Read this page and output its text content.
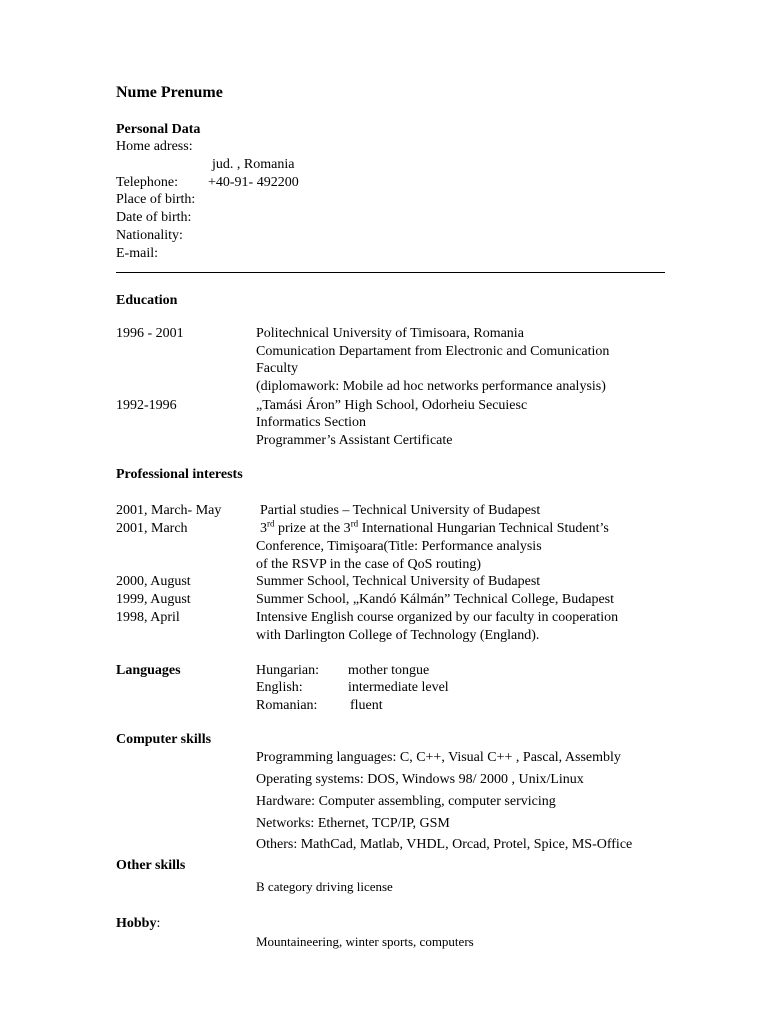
Nume Prenume
Personal Data
Home adress:
jud. , Romania
Telephone: +40-91- 492200
Place of birth:
Date of birth:
Nationality:
E-mail:
Education
1996 - 2001	Politechnical University of Timisoara, Romania
Comunication Departament from Electronic and Comunication
Faculty
(diplomawork: Mobile ad hoc networks performance analysis)
1992-1996	„Tamási Áron” High School, Odorheiu Secuiesc
Informatics Section
Programmer’s Assistant Certificate
Professional interests
2001, March- May	Partial studies – Technical University of Budapest
2001, March	3rd prize at the 3rd International Hungarian Technical Student’s
Conference, Timişoara(Title: Performance analysis
of the RSVP in the case of QoS routing)
2000, August	Summer School, Technical University of Budapest
1999, August	Summer School, „Kandó Kálmán” Technical College, Budapest
1998, April	Intensive English course organized by our faculty in cooperation
with Darlington College of Technology (England).
Languages	Hungarian: mother tongue
English:	intermediate level
Romanian: fluent
Computer skills
Programming languages: C, C++, Visual C++ , Pascal, Assembly
Operating systems: DOS, Windows 98/ 2000 , Unix/Linux
Hardware: Computer assembling, computer servicing
Networks: Ethernet, TCP/IP, GSM
Others: MathCad, Matlab, VHDL, Orcad, Protel, Spice, MS-Office
Other skills
B category driving license
Hobby:
Mountaineering, winter sports, computers
